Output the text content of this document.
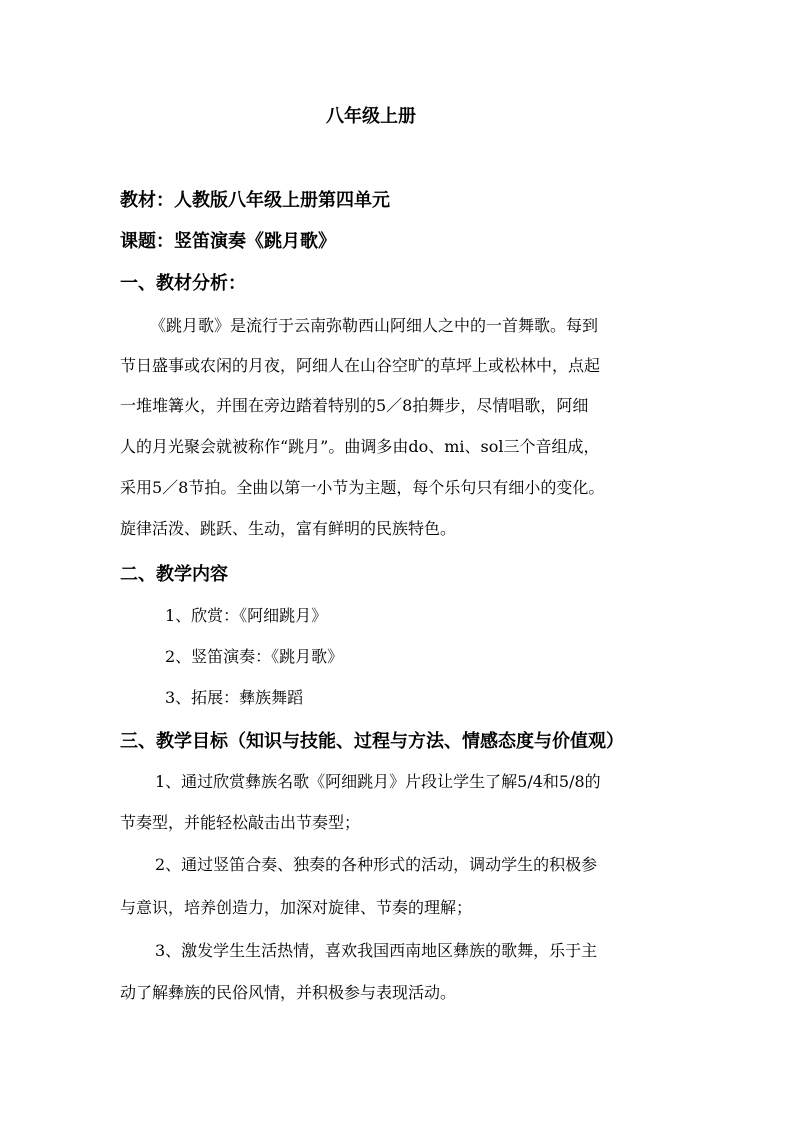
八年级上册
教材：人教版八年级上册第四单元
课题：竖笛演奏《跳月歌》
一、教材分析：
《跳月歌》是流行于云南弥勒西山阿细人之中的一首舞歌。每到
节日盛事或农闲的月夜，阿细人在山谷空旷的草坪上或松林中，点起
一堆堆篝火，并围在旁边踏着特别的5／8拍舞步，尽情唱歌，阿细
人的月光聚会就被称作“跳月”。曲调多由do、mi、sol三个音组成，
采用5／8节拍。全曲以第一小节为主题，每个乐句只有细小的变化。
旋律活泼、跳跃、生动，富有鲜明的民族特色。
二、教学内容
1、欣赏：《阿细跳月》
2、竖笛演奏：《跳月歌》
3、拓展：彝族舞蹈
三、教学目标（知识与技能、过程与方法、情感态度与价值观）
1、通过欣赏彝族名歌《阿细跳月》片段让学生了解5/4和5/8的
节奏型，并能轻松敲击出节奏型；
2、通过竖笛合奏、独奏的各种形式的活动，调动学生的积极参
与意识，培养创造力，加深对旋律、节奏的理解；
3、激发学生生活热情，喜欢我国西南地区彝族的歌舞，乐于主
动了解彝族的民俗风情，并积极参与表现活动。
